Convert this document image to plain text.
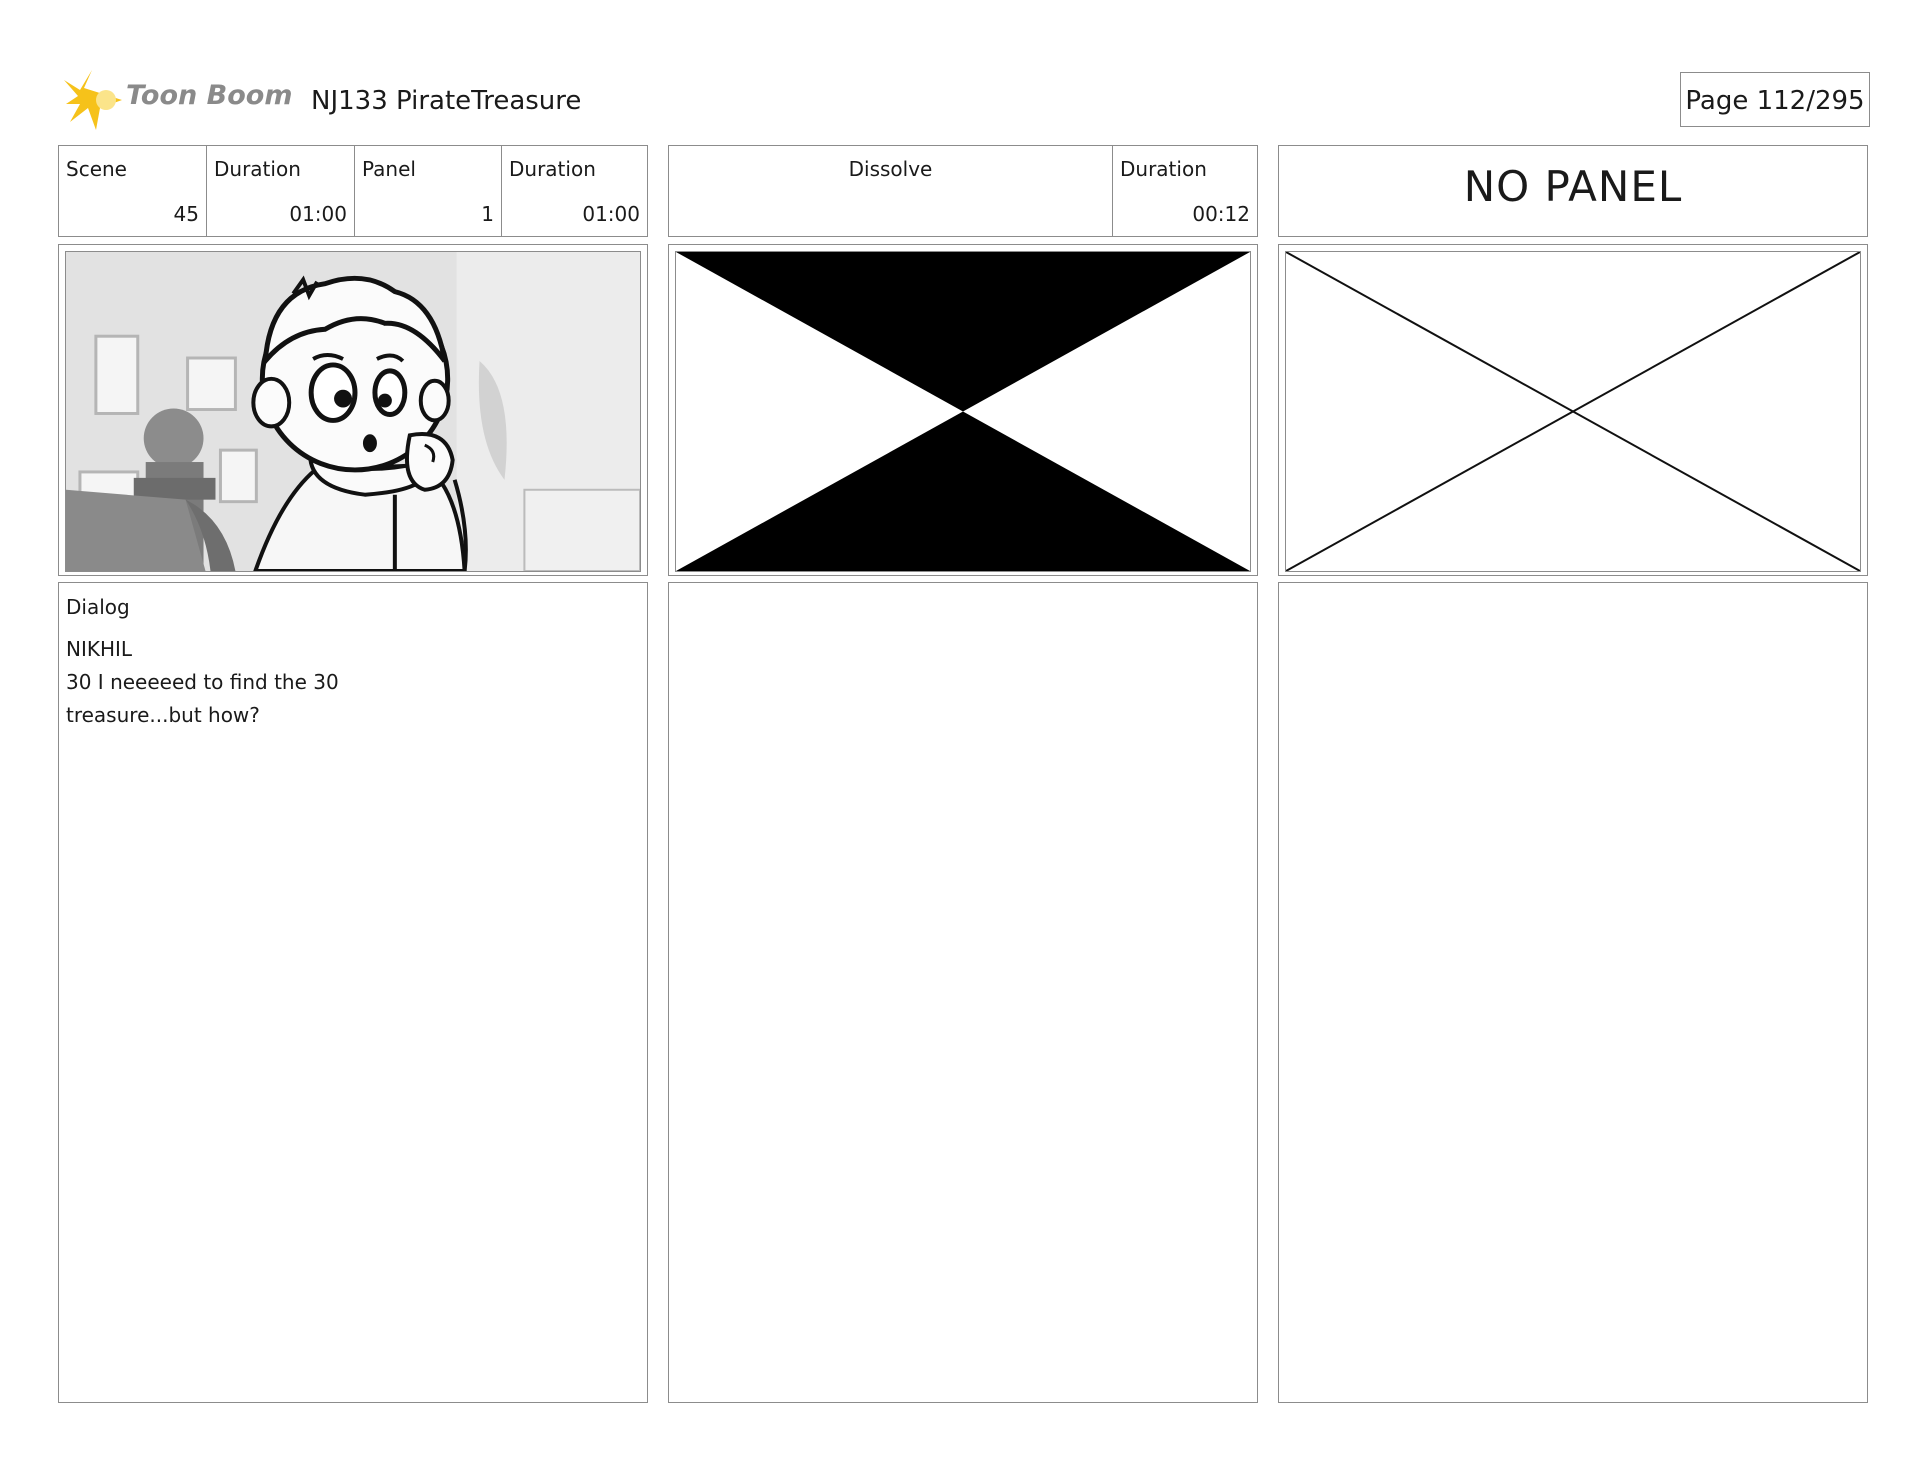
Toon Boom NJ133 PirateTreasure	Page 112/295
Scene
45
Duration
01:00
Panel
1
Duration
01:00
Dissolve	Duration
00:12
NO PANEL
Dialog
NIKHIL
30 I neeeeed to find the 30
treasure...but how?
